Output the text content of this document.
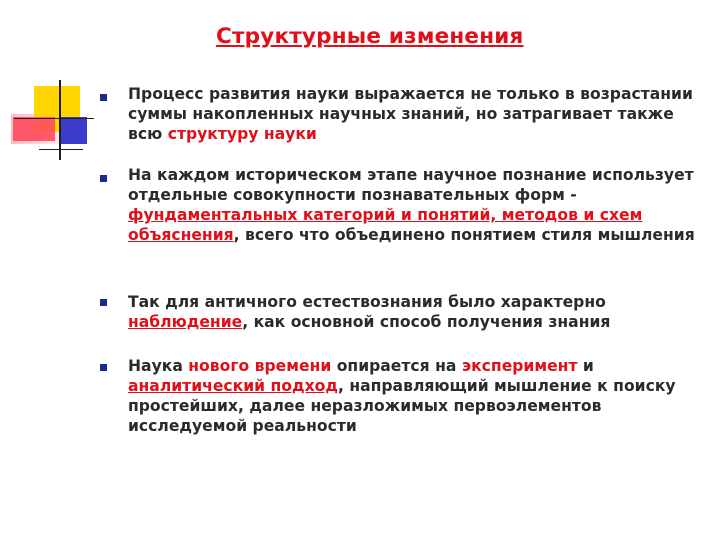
Структурные изменения

Процесс развития науки выражается не только в возрастании суммы накопленных научных знаний, но затрагивает также всю структуру науки

На каждом историческом этапе научное познание использует отдельные совокупности познавательных форм - фундаментальных категорий и понятий, методов и схем объяснения, всего что объединено понятием стиля мышления

Так для античного естествознания было характерно наблюдение, как основной способ получения знания

Наука нового времени опирается на эксперимент и аналитический подход, направляющий мышление к поиску простейших, далее неразложимых первоэлементов исследуемой реальности
